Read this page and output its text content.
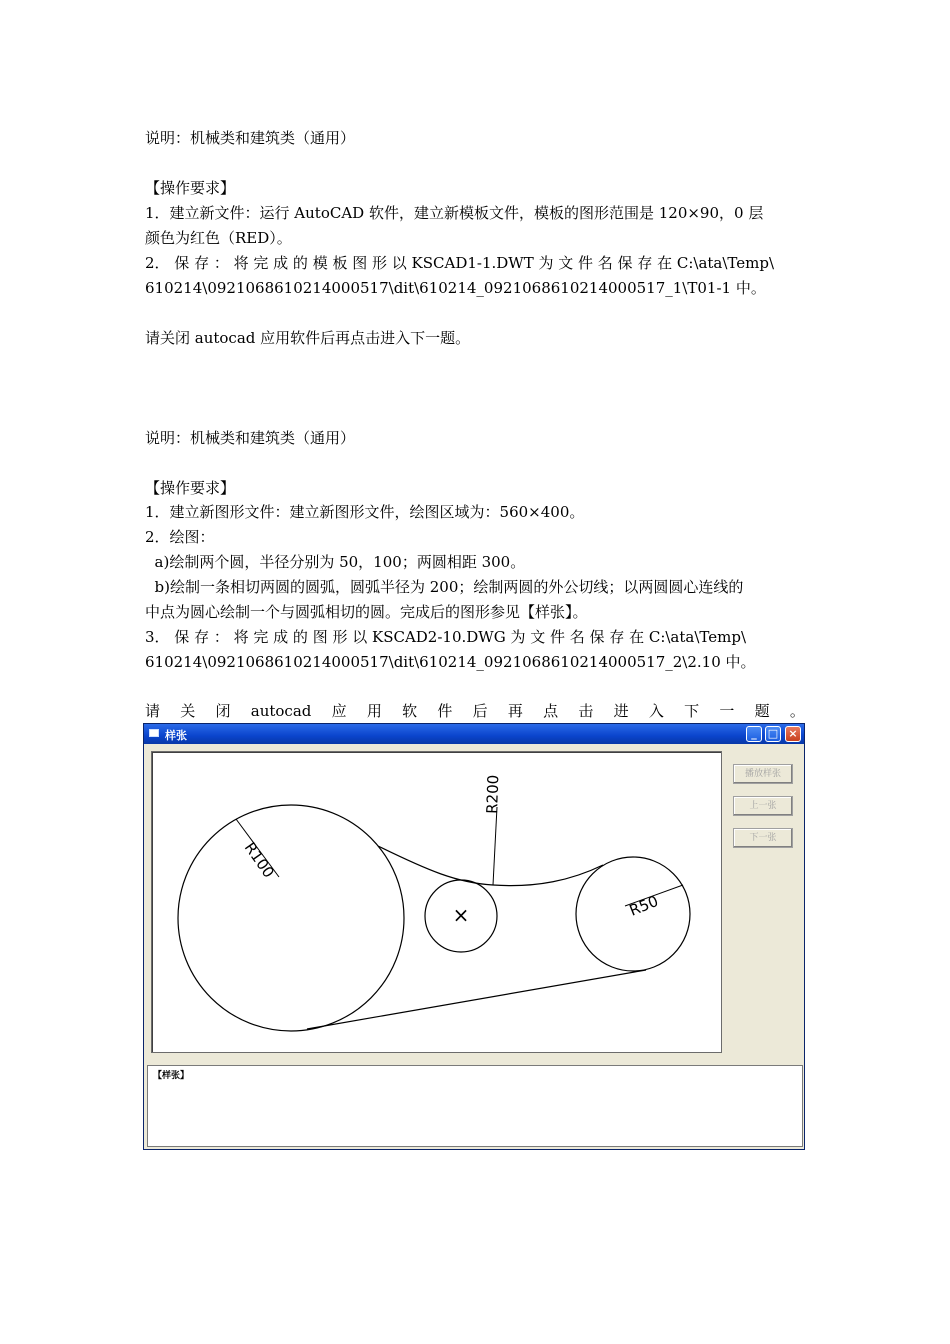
说明：机械类和建筑类（通用）
【操作要求】
1．建立新文件：运行 AutoCAD 软件，建立新模板文件，模板的图形范围是 120×90，0 层
颜色为红色（RED）。
2． 保 存 ： 将 完 成 的 模 板 图 形 以 KSCAD1-1.DWT 为 文 件 名 保 存 在 C:\ata\Temp\
610214\0921068610214000517\dit\610214_0921068610214000517_1\T01-1 中。
请关闭 autocad 应用软件后再点击进入下一题。
说明：机械类和建筑类（通用）
【操作要求】
1．建立新图形文件：建立新图形文件，绘图区域为：560×400。
2．绘图：
a)绘制两个圆，半径分别为 50，100；两圆相距 300。
b)绘制一条相切两圆的圆弧，圆弧半径为 200；绘制两圆的外公切线；以两圆圆心连线的
中点为圆心绘制一个与圆弧相切的圆。完成后的图形参见【样张】。
3． 保 存 ： 将 完 成 的 图 形 以 KSCAD2-10.DWG 为 文 件 名 保 存 在 C:\ata\Temp\
610214\0921068610214000517\dit\610214_0921068610214000517_2\2.10 中。
请 关 闭 autocad 应 用 软 件 后 再 点 击 进 入 下 一 题 。
样张	_	□ ×
R100
R200
R50
×
播放样张
上一张
下一张
【样张】
